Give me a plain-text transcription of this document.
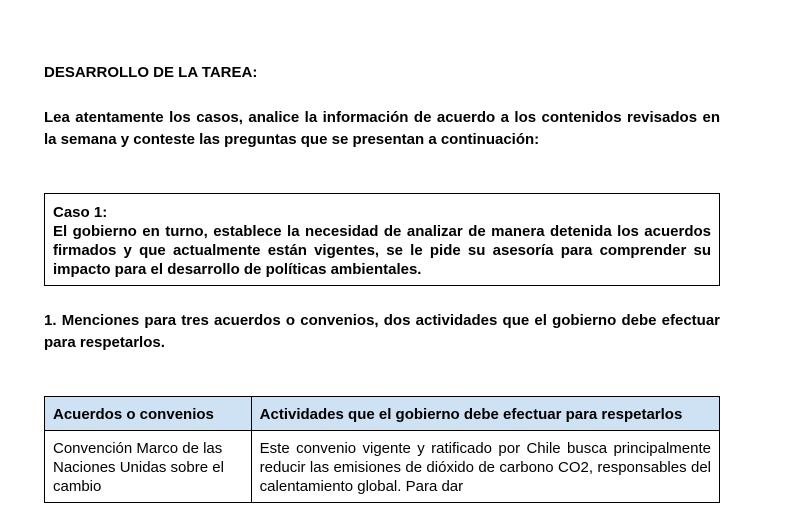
DESARROLLO DE LA TAREA:
Lea atentamente los casos, analice la información de acuerdo a los contenidos revisados en la semana y conteste las preguntas que se presentan a continuación:
Caso 1:
El gobierno en turno, establece la necesidad de analizar de manera detenida los acuerdos firmados y que actualmente están vigentes, se le pide su asesoría para comprender su impacto para el desarrollo de políticas ambientales.
1. Menciones para tres acuerdos o convenios, dos actividades que el gobierno debe efectuar para respetarlos.
Acuerdos o convenios	Actividades que el gobierno debe efectuar para respetarlos
Convención Marco de las Naciones Unidas sobre el cambio	Este convenio vigente y ratificado por Chile busca principalmente reducir las emisiones de dióxido de carbono CO2, responsables del calentamiento global. Para dar
